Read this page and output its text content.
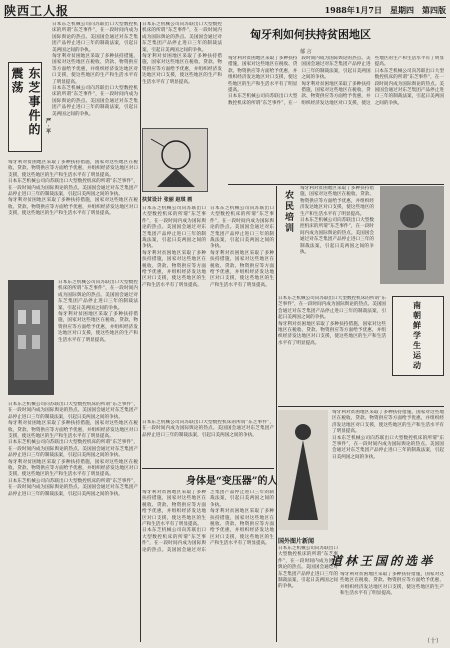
陕西工人报	1988年1月7日 星期四 第四版
东芝事件的震荡
严·平
日本东芝机械公司向苏联出口大型数控机床的所谓“东芝事件”，在一段时间内成为国际舆论的热点。美国国会通过对东芝集团产品停止进口三年的制裁法案，引起日美两国之间的争执。
匈牙利对贫困地区采取了多种扶持措施，国家对这些地区在税收、贷款、物资供应等方面给予优惠，并组织经济发达地区对口支援，使这些地区的生产和生活水平有了明显提高。
日本东芝机械公司向苏联出口大型数控机床的所谓“东芝事件”，在一段时间内成为国际舆论的热点。美国国会通过对东芝集团产品停止进口三年的制裁法案，引起日美两国之间的争执。
匈牙利对贫困地区采取了多种扶持措施，国家对这些地区在税收、贷款、物资供应等方面给予优惠，并组织经济发达地区对口支援，使这些地区的生产和生活水平有了明显提高。
日本东芝机械公司向苏联出口大型数控机床的所谓“东芝事件”，在一段时间内成为国际舆论的热点。美国国会通过对东芝集团产品停止进口三年的制裁法案，引起日美两国之间的争执。
匈牙利对贫困地区采取了多种扶持措施，国家对这些地区在税收、贷款、物资供应等方面给予优惠，并组织经济发达地区对口支援，使这些地区的生产和生活水平有了明显提高。
日本东芝机械公司向苏联出口大型数控机床的所谓“东芝事件”，在一段时间内成为国际舆论的热点。美国国会通过对东芝集团产品停止进口三年的制裁法案，引起日美两国之间的争执。
匈牙利对贫困地区采取了多种扶持措施，国家对这些地区在税收、贷款、物资供应等方面给予优惠，并组织经济发达地区对口支援，使这些地区的生产和生活水平有了明显提高。
日本东芝机械公司向苏联出口大型数控机床的所谓“东芝事件”，在一段时间内成为国际舆论的热点。美国国会通过对东芝集团产品停止进口三年的制裁法案，引起日美两国之间的争执。
匈牙利对贫困地区采取了多种扶持措施，国家对这些地区在税收、贷款、物资供应等方面给予优惠，并组织经济发达地区对口支援，使这些地区的生产和生活水平有了明显提高。
日本东芝机械公司向苏联出口大型数控机床的所谓“东芝事件”，在一段时间内成为国际舆论的热点。美国国会通过对东芝集团产品停止进口三年的制裁法案，引起日美两国之间的争执。
匈牙利对贫困地区采取了多种扶持措施，国家对这些地区在税收、贷款、物资供应等方面给予优惠，并组织经济发达地区对口支援，使这些地区的生产和生活水平有了明显提高。
日本东芝机械公司向苏联出口大型数控机床的所谓“东芝事件”，在一段时间内成为国际舆论的热点。美国国会通过对东芝集团产品停止进口三年的制裁法案，引起日美两国之间的争执。
扶贫设计 张丽 赵琪 画
日本东芝机械公司向苏联出口大型数控机床的所谓“东芝事件”，在一段时间内成为国际舆论的热点。美国国会通过对东芝集团产品停止进口三年的制裁法案，引起日美两国之间的争执。
匈牙利对贫困地区采取了多种扶持措施，国家对这些地区在税收、贷款、物资供应等方面给予优惠，并组织经济发达地区对口支援，使这些地区的生产和生活水平有了明显提高。
匈牙利如何扶持贫困地区
郁 言
匈牙利对贫困地区采取了多种扶持措施，国家对这些地区在税收、贷款、物资供应等方面给予优惠，并组织经济发达地区对口支援，使这些地区的生产和生活水平有了明显提高。
日本东芝机械公司向苏联出口大型数控机床的所谓“东芝事件”，在一段时间内成为国际舆论的热点。美国国会通过对东芝集团产品停止进口三年的制裁法案，引起日美两国之间的争执。
匈牙利对贫困地区采取了多种扶持措施，国家对这些地区在税收、贷款、物资供应等方面给予优惠，并组织经济发达地区对口支援，使这些地区的生产和生活水平有了明显提高。
日本东芝机械公司向苏联出口大型数控机床的所谓“东芝事件”，在一段时间内成为国际舆论的热点。美国国会通过对东芝集团产品停止进口三年的制裁法案，引起日美两国之间的争执。
日本东芝机械公司向苏联出口大型数控机床的所谓“东芝事件”，在一段时间内成为国际舆论的热点。美国国会通过对东芝集团产品停止进口三年的制裁法案，引起日美两国之间的争执。
匈牙利对贫困地区采取了多种扶持措施，国家对这些地区在税收、贷款、物资供应等方面给予优惠，并组织经济发达地区对口支援，使这些地区的生产和生活水平有了明显提高。
日本东芝机械公司向苏联出口大型数控机床的所谓“东芝事件”，在一段时间内成为国际舆论的热点。美国国会通过对东芝集团产品停止进口三年的制裁法案，引起日美两国之间的争执。
匈牙利对贫困地区采取了多种扶持措施，国家对这些地区在税收、贷款、物资供应等方面给予优惠，并组织经济发达地区对口支援，使这些地区的生产和生活水平有了明显提高。
农民培训
匈牙利对贫困地区采取了多种扶持措施，国家对这些地区在税收、贷款、物资供应等方面给予优惠，并组织经济发达地区对口支援，使这些地区的生产和生活水平有了明显提高。
日本东芝机械公司向苏联出口大型数控机床的所谓“东芝事件”，在一段时间内成为国际舆论的热点。美国国会通过对东芝集团产品停止进口三年的制裁法案，引起日美两国之间的争执。
日本东芝机械公司向苏联出口大型数控机床的所谓“东芝事件”，在一段时间内成为国际舆论的热点。美国国会通过对东芝集团产品停止进口三年的制裁法案，引起日美两国之间的争执。
匈牙利对贫困地区采取了多种扶持措施，国家对这些地区在税收、贷款、物资供应等方面给予优惠，并组织经济发达地区对口支援，使这些地区的生产和生活水平有了明显提高。	南朝鲜学生运动
身体是“变压器”的人
匈牙利对贫困地区采取了多种扶持措施，国家对这些地区在税收、贷款、物资供应等方面给予优惠，并组织经济发达地区对口支援，使这些地区的生产和生活水平有了明显提高。
日本东芝机械公司向苏联出口大型数控机床的所谓“东芝事件”，在一段时间内成为国际舆论的热点。美国国会通过对东芝集团产品停止进口三年的制裁法案，引起日美两国之间的争执。
匈牙利对贫困地区采取了多种扶持措施，国家对这些地区在税收、贷款、物资供应等方面给予优惠，并组织经济发达地区对口支援，使这些地区的生产和生活水平有了明显提高。
日本东芝机械公司向苏联出口大型数控机床的所谓“东芝事件”，在一段时间内成为国际舆论的热点。美国国会通过对东芝集团产品停止进口三年的制裁法案，引起日美两国之间的争执。
匈牙利对贫困地区采取了多种扶持措施，国家对这些地区在税收、贷款、物资供应等方面给予优惠，并组织经济发达地区对口支援，使这些地区的生产和生活水平有了明显提高。
日本东芝机械公司向苏联出口大型数控机床的所谓“东芝事件”，在一段时间内成为国际舆论的热点。美国国会通过对东芝集团产品停止进口三年的制裁法案，引起日美两国之间的争执。
国外图片新闻
日本东芝机械公司向苏联出口大型数控机床的所谓“东芝事件”，在一段时间内成为国际舆论的热点。美国国会通过对东芝集团产品停止进口三年的制裁法案，引起日美两国之间的争执。
道林王国的选举
匈牙利对贫困地区采取了多种扶持措施，国家对这些地区在税收、贷款、物资供应等方面给予优惠，并组织经济发达地区对口支援，使这些地区的生产和生活水平有了明显提高。
（十）
